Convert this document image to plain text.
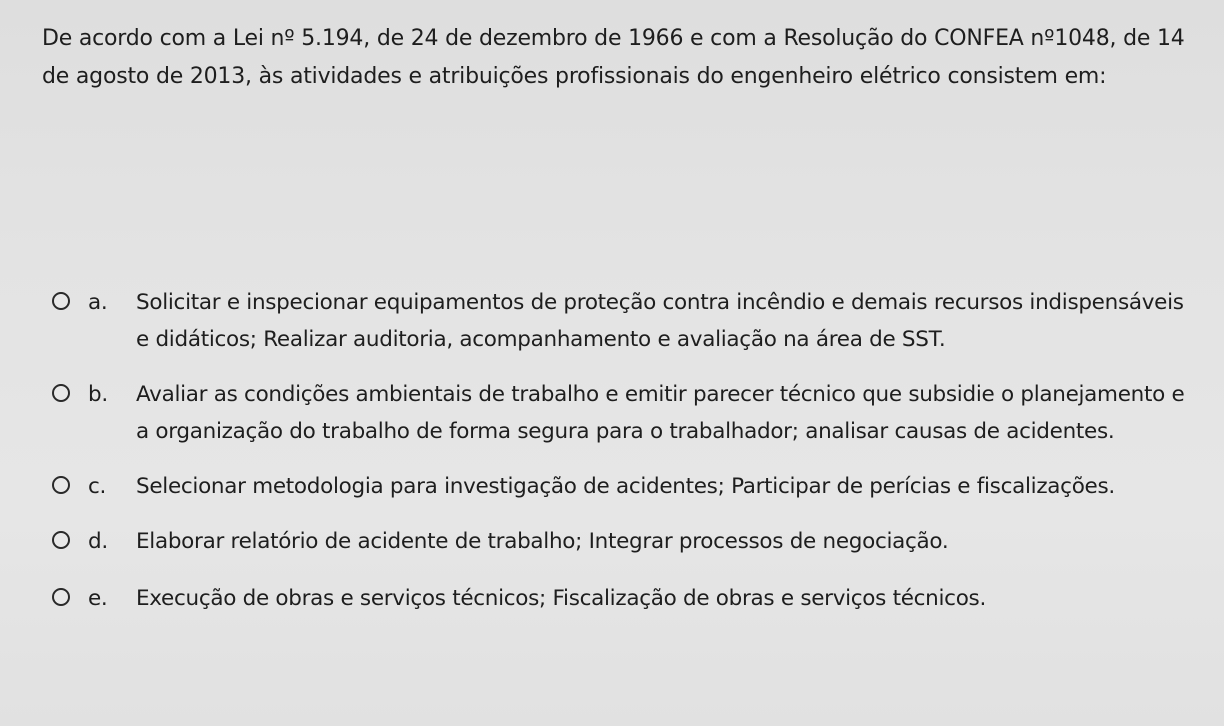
De acordo com a Lei nº 5.194, de 24 de dezembro de 1966 e com a Resolução do CONFEA nº1048, de 14 de agosto de 2013, às atividades e atribuições profissionais do engenheiro elétrico consistem em:
a. Solicitar e inspecionar equipamentos de proteção contra incêndio e demais recursos indispensáveis e didáticos; Realizar auditoria, acompanhamento e avaliação na área de SST.
b. Avaliar as condições ambientais de trabalho e emitir parecer técnico que subsidie o planejamento e a organização do trabalho de forma segura para o trabalhador; analisar causas de acidentes.
c. Selecionar metodologia para investigação de acidentes; Participar de perícias e fiscalizações.
d. Elaborar relatório de acidente de trabalho; Integrar processos de negociação.
e. Execução de obras e serviços técnicos; Fiscalização de obras e serviços técnicos.
